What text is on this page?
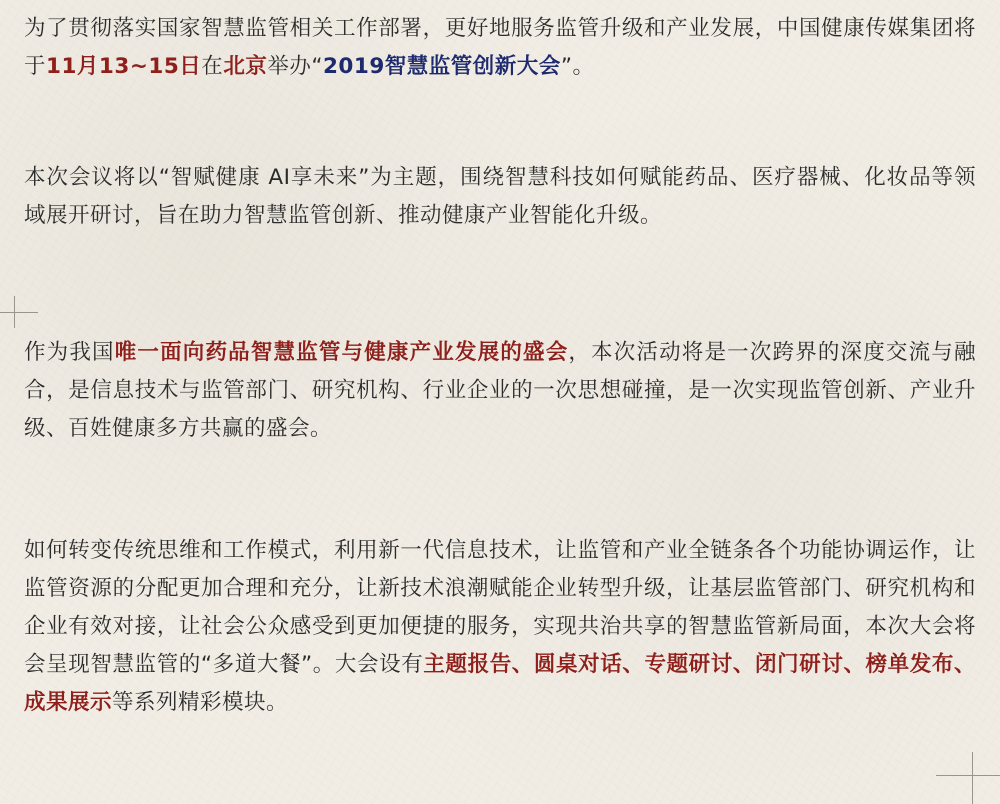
为了贯彻落实国家智慧监管相关工作部署，更好地服务监管升级和产业发展，中国健康传媒集团将于11月13~15日在北京举办“2019智慧监管创新大会”。

本次会议将以“智赋健康 AI享未来”为主题，围绕智慧科技如何赋能药品、医疗器械、化妆品等领域展开研讨，旨在助力智慧监管创新、推动健康产业智能化升级。

作为我国唯一面向药品智慧监管与健康产业发展的盛会，本次活动将是一次跨界的深度交流与融合，是信息技术与监管部门、研究机构、行业企业的一次思想碰撞，是一次实现监管创新、产业升级、百姓健康多方共赢的盛会。

如何转变传统思维和工作模式，利用新一代信息技术，让监管和产业全链条各个功能协调运作，让监管资源的分配更加合理和充分，让新技术浪潮赋能企业转型升级，让基层监管部门、研究机构和企业有效对接，让社会公众感受到更加便捷的服务，实现共治共享的智慧监管新局面，本次大会将会呈现智慧监管的“多道大餐”。大会设有主题报告、圆桌对话、专题研讨、闭门研讨、榜单发布、成果展示等系列精彩模块。
